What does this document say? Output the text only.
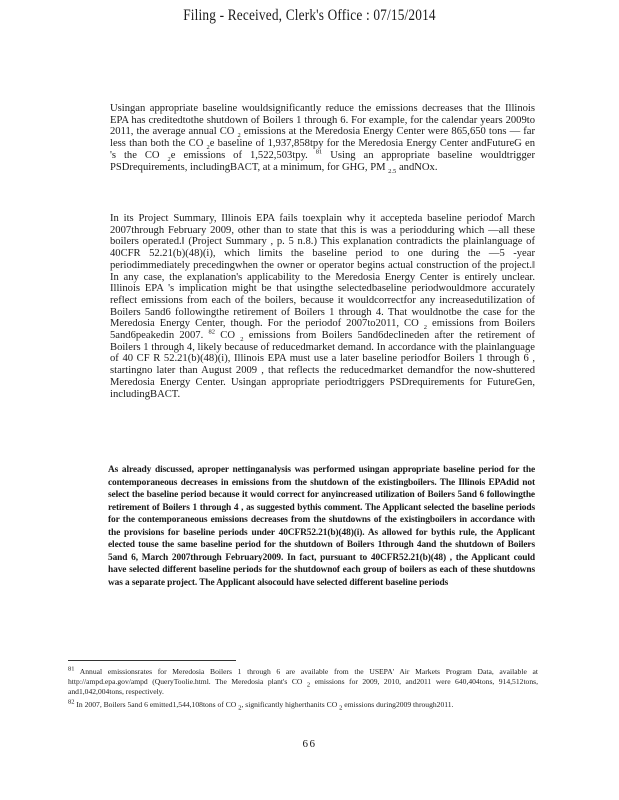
Filing - Received, Clerk's Office : 07/15/2014

Usingan appropriate baseline wouldsignificantly reduce the emissions decreases that the Illinois EPA has creditedtothe shutdown of Boilers 1 through 6. For example, for the calendar years 2009to 2011, the average annual CO $_2$ emissions at the Meredosia Energy Center were 865,650 tons — far less than both the CO $_2$e baseline of 1,937,858tpy for the Meredosia Energy Center andFutureG en 's the CO $_2$e emissions of 1,522,503tpy. $^{81}$ Using an appropriate baseline wouldtrigger PSDrequirements, includingBACT, at a minimum, for GHG, PM $_{2.5}$ andNOx.

In its Project Summary, Illinois EPA fails toexplain why it accepteda baseline periodof March 2007through February 2009, other than to state that this is was a periodduring which —all these boilers operated.‖ (Project Summary , p. 5 n.8.) This explanation contradicts the plainlanguage of 40CFR 52.21(b)(48)(i), which limits the baseline period to one during the ―5 -year periodimmediately precedingwhen the owner or operator begins actual construction of the project.‖ In any case, the explanation's applicability to the Meredosia Energy Center is entirely unclear. Illinois EPA 's implication might be that usingthe selectedbaseline periodwouldmore accurately reflect emissions from each of the boilers, because it wouldcorrectfor any increasedutilization of Boilers 5and6 followingthe retirement of Boilers 1 through 4. That wouldnotbe the case for the Meredosia Energy Center, though. For the periodof 2007to2011, CO $_2$ emissions from Boilers 5and6peakedin 2007. $^{82}$ CO $_2$ emissions from Boilers 5and6declineden after the retirement of Boilers 1 through 4, likely because of reducedmarket demand. In accordance with the plainlanguage of 40 CF R 52.21(b)(48)(i), Illinois EPA must use a later baseline periodfor Boilers 1 through 6 , startingno later than August 2009 , that reflects the reducedmarket demandfor the now-shuttered Meredosia Energy Center. Usingan appropriate periodtriggers PSDrequirements for FutureGen, includingBACT.

As already discussed, aproper nettinganalysis was performed usingan appropriate baseline period for the contemporaneous decreases in emissions from the shutdown of the existingboilers. The Illinois EPAdid not select the baseline period because it would correct for anyincreased utilization of Boilers 5and 6 followingthe retirement of Boilers 1 through 4 , as suggested bythis comment. The Applicant selected the baseline periods for the contemporaneous emissions decreases from the shutdowns of the existingboilers in accordance with the provisions for baseline periods under 40CFR52.21(b)(48)(i). As allowed for bythis rule, the Applicant elected touse the same baseline period for the shutdown of Boilers 1through 4and the shutdown of Boilers 5and 6, March 2007through February2009. In fact, pursuant to 40CFR52.21(b)(48) , the Applicant could have selected different baseline periods for the shutdownof each group of boilers as each of these shutdowns was a separate project. The Applicant alsocould have selected different baseline periods

$^{81}$ Annual emissionsrates for Meredosia Boilers 1 through 6 are available from the USEPA' Air Markets Program Data, available at http://ampd.epa.gov/ampd (QueryToolie.html. The Meredosia plant's CO $_2$ emissions for 2009, 2010, and2011 were 640,404tons, 914,512tons, and1,042,004tons, respectively.

$^{82}$ In 2007, Boilers 5and 6 emitted1,544,108tons of CO $_2$, significantly higherthanits CO $_2$ emissions during2009 through2011.

66
